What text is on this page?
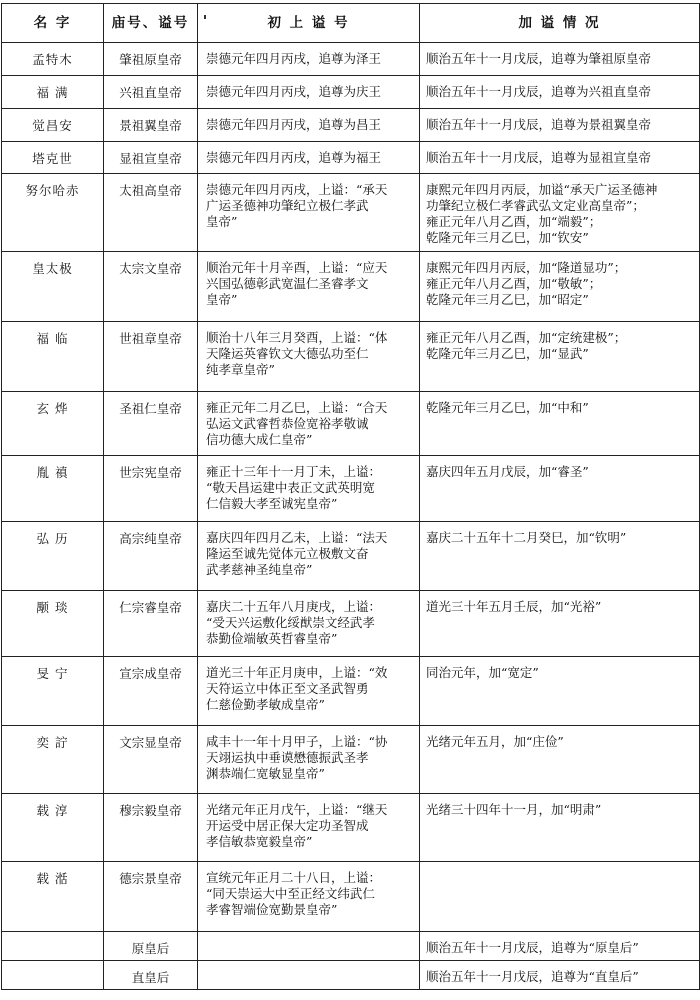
名 字	庙号、谥号	初 上 谥 号	加 谥 情 况
孟特木	肇祖原皇帝	崇德元年四月丙戌，追尊为泽王	顺治五年十一月戊辰，追尊为肇祖原皇帝

福 满	兴祖直皇帝	崇德元年四月丙戌，追尊为庆王	顺治五年十一月戊辰，追尊为兴祖直皇帝

觉昌安	景祖翼皇帝	崇德元年四月丙戌，追尊为昌王	顺治五年十一月戊辰，追尊为景祖翼皇帝

塔克世	显祖宣皇帝	崇德元年四月丙戌，追尊为福王	顺治五年十一月戊辰，追尊为显祖宣皇帝

努尔哈赤	太祖高皇帝	崇德元年四月丙戌，上谥：“承天
广运圣德神功肇纪立极仁孝武
皇帝”	康熙元年四月丙辰，加谥“承天广运圣德神
功肇纪立极仁孝睿武弘文定业高皇帝”；
雍正元年八月乙酉，加“端毅”；
乾隆元年三月乙巳，加“钦安”

皇太极	太宗文皇帝	顺治元年十月辛酉，上谥：“应天
兴国弘德彰武宽温仁圣睿孝文
皇帝”	康熙元年四月丙辰，加“隆道显功”；
雍正元年八月乙酉，加“敬敏”；
乾隆元年三月乙巳，加“昭定”

福 临	世祖章皇帝	顺治十八年三月癸酉，上谥：“体
天隆运英睿钦文大德弘功至仁
纯孝章皇帝”	雍正元年八月乙酉，加“定统建极”；
乾隆元年三月乙巳，加“显武”

玄 烨	圣祖仁皇帝	雍正元年二月乙巳，上谥：“合天
弘运文武睿哲恭俭宽裕孝敬诚
信功德大成仁皇帝”	乾隆元年三月乙巳，加“中和”

胤 禛	世宗宪皇帝	雍正十三年十一月丁未，上谥：
“敬天昌运建中表正文武英明宽
仁信毅大孝至诚宪皇帝”	嘉庆四年五月戊辰，加“睿圣”

弘 历	高宗纯皇帝	嘉庆四年四月乙未，上谥：“法天
隆运至诚先觉体元立极敷文奋
武孝慈神圣纯皇帝”	嘉庆二十五年十二月癸巳，加“钦明”

颙 琰	仁宗睿皇帝	嘉庆二十五年八月庚戌，上谥：
“受天兴运敷化绥猷崇文经武孝
恭勤俭端敏英哲睿皇帝”	道光三十年五月壬辰，加“光裕”

旻 宁	宣宗成皇帝	道光三十年正月庚申，上谥：“效
天符运立中体正至文圣武智勇
仁慈俭勤孝敏成皇帝”	同治元年，加“宽定”

奕 詝	文宗显皇帝	咸丰十一年十月甲子，上谥：“协
天翊运执中垂谟懋德振武圣孝
渊恭端仁宽敏显皇帝”	光绪元年五月，加“庄俭”

载 淳	穆宗毅皇帝	光绪元年正月戊午，上谥：“继天
开运受中居正保大定功圣智成
孝信敏恭宽毅皇帝”	光绪三十四年十一月，加“明肃”

载 湉	德宗景皇帝	宣统元年正月二十八日，上谥：
“同天崇运大中至正经文纬武仁
孝睿智端俭宽勤景皇帝”	

	原皇后		顺治五年十一月戊辰，追尊为“原皇后”

	直皇后		顺治五年十一月戊辰，追尊为“直皇后”
